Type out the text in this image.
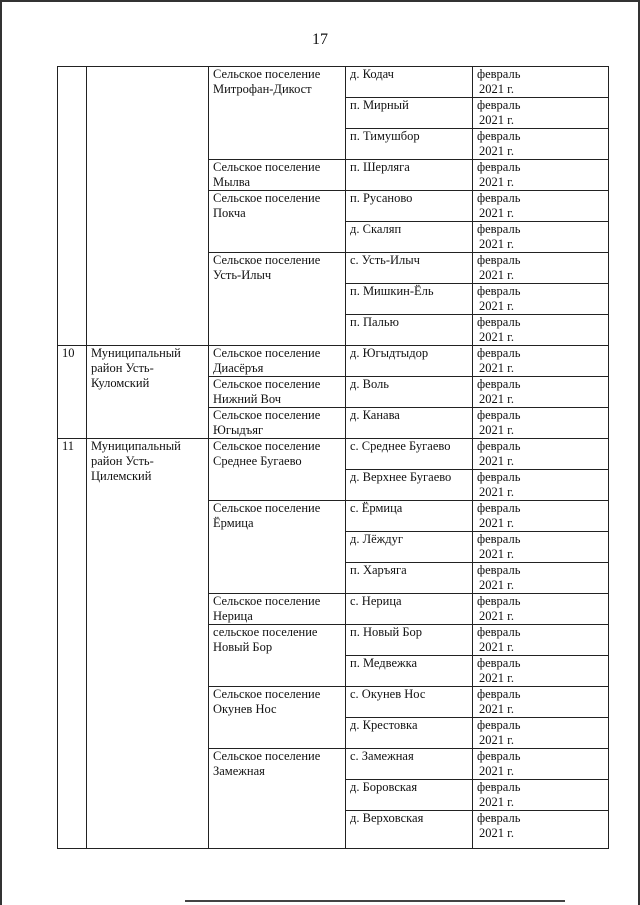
17
		Сельское поселение Митрофан-Дикост	д. Кодач	февраль
2021 г.

			п. Мирный	февраль
2021 г.

			п. Тимушбор	февраль
2021 г.

		Сельское поселение Мылва	п. Шерляга	февраль
2021 г.

		Сельское поселение Покча	п. Русаново	февраль
2021 г.

			д. Скаляп	февраль
2021 г.

		Сельское поселение Усть-Илыч	с. Усть-Илыч	февраль
2021 г.

			п. Мишкин-Ёль	февраль
2021 г.

			п. Палью	февраль
2021 г.

10	Муниципальный район Усть-Куломский	Сельское поселение Диасёръя	д. Югыдтыдор	февраль
2021 г.

		Сельское поселение Нижний Воч	д. Воль	февраль
2021 г.

		Сельское поселение Югыдъяг	д. Канава	февраль
2021 г.

11	Муниципальный район Усть-Цилемский	Сельское поселение Среднее Бугаево	с. Среднее Бугаево	февраль
2021 г.

			д. Верхнее Бугаево	февраль
2021 г.

		Сельское поселение Ёрмица	с. Ёрмица	февраль
2021 г.

			д. Лёждуг	февраль
2021 г.

			п. Харъяга	февраль
2021 г.

		Сельское поселение Нерица	с. Нерица	февраль
2021 г.

		сельское поселение Новый Бор	п. Новый Бор	февраль
2021 г.

			п. Медвежка	февраль
2021 г.

		Сельское поселение Окунев Нос	с. Окунев Нос	февраль
2021 г.

			д. Крестовка	февраль
2021 г.

		Сельское поселение Замежная	с. Замежная	февраль
2021 г.

			д. Боровская	февраль
2021 г.

			д. Верховская	февраль
2021 г.
